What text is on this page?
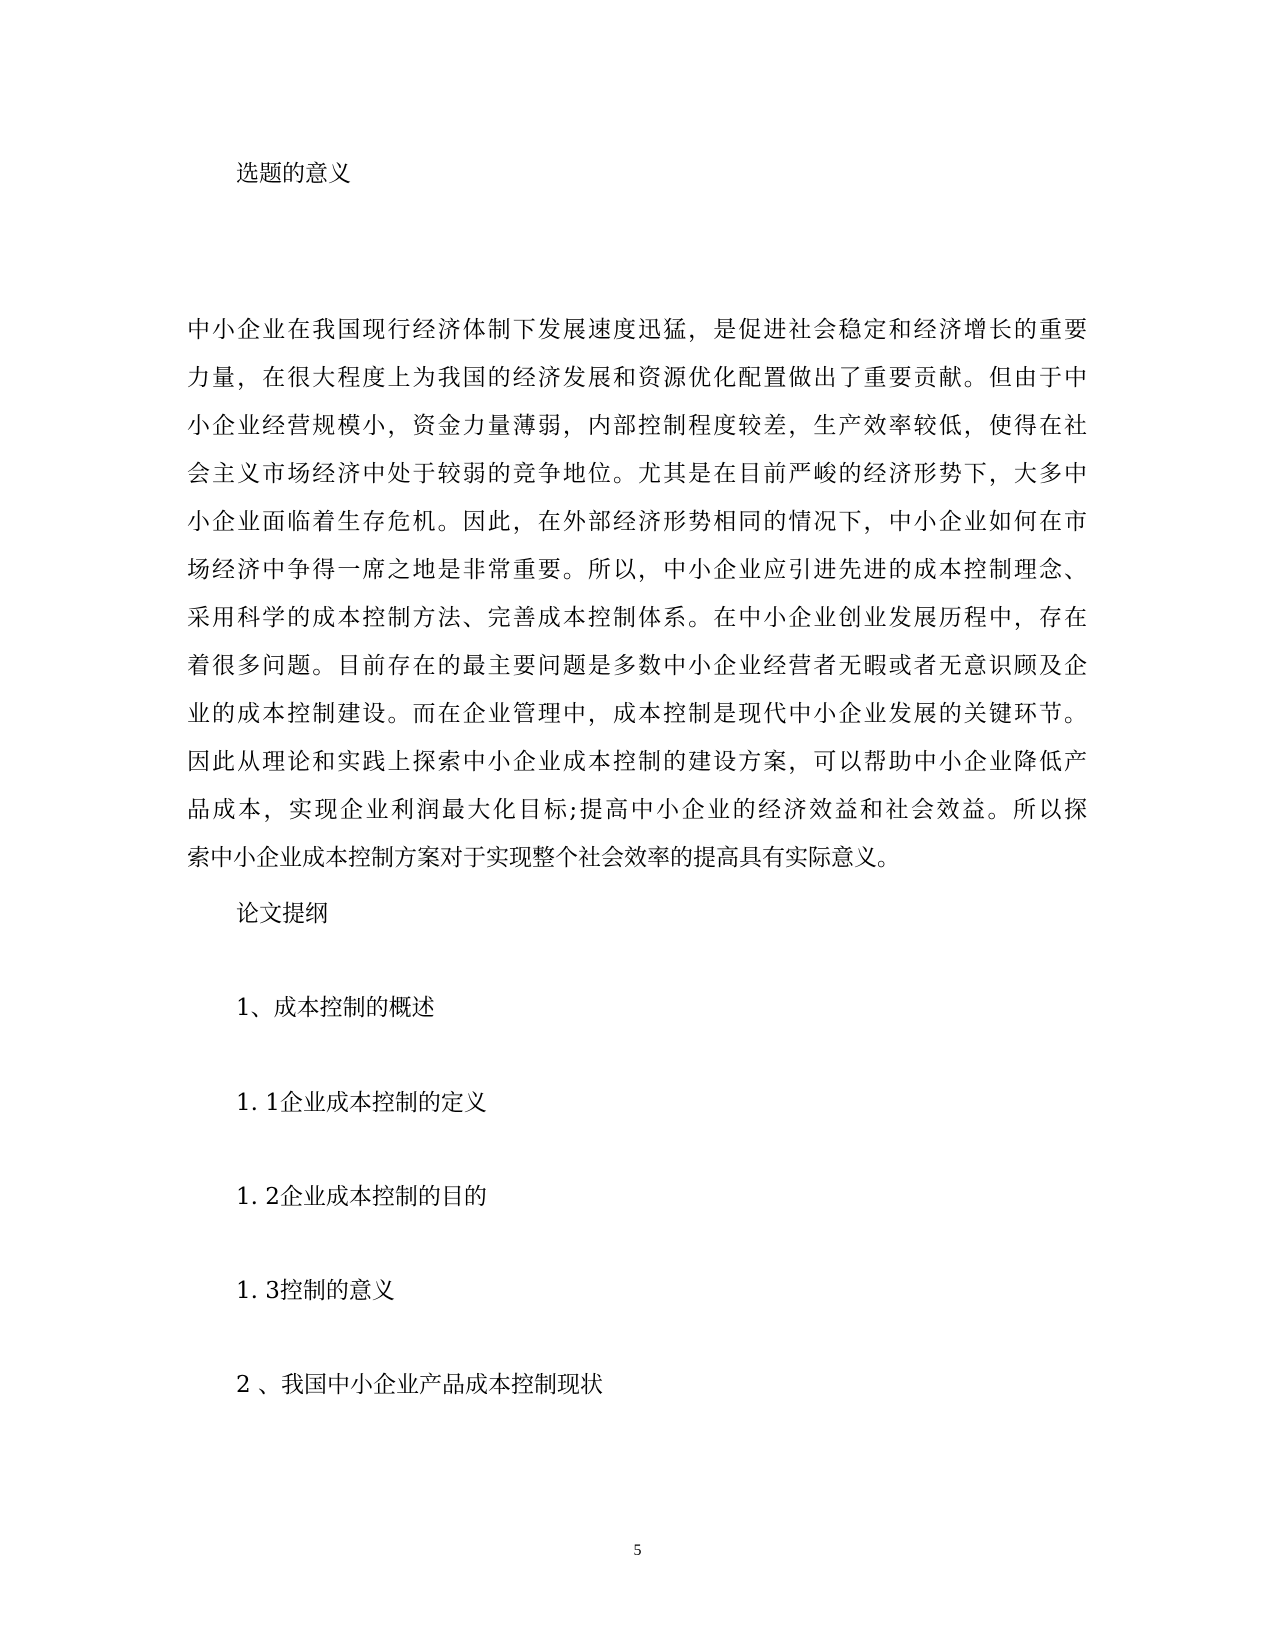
选题的意义
中小企业在我国现行经济体制下发展速度迅猛，是促进社会稳定和经济增长的重要
力量，在很大程度上为我国的经济发展和资源优化配置做出了重要贡献。但由于中
小企业经营规模小，资金力量薄弱，内部控制程度较差，生产效率较低，使得在社
会主义市场经济中处于较弱的竞争地位。尤其是在目前严峻的经济形势下，大多中
小企业面临着生存危机。因此，在外部经济形势相同的情况下，中小企业如何在市
场经济中争得一席之地是非常重要。所以，中小企业应引进先进的成本控制理念、
采用科学的成本控制方法、完善成本控制体系。在中小企业创业发展历程中，存在
着很多问题。目前存在的最主要问题是多数中小企业经营者无暇或者无意识顾及企
业的成本控制建设。而在企业管理中，成本控制是现代中小企业发展的关键环节。
因此从理论和实践上探索中小企业成本控制的建设方案，可以帮助中小企业降低产
品成本，实现企业利润最大化目标;提高中小企业的经济效益和社会效益。所以探
索中小企业成本控制方案对于实现整个社会效率的提高具有实际意义。
论文提纲
1、成本控制的概述
1. 1企业成本控制的定义
1. 2企业成本控制的目的
1. 3控制的意义
2 、我国中小企业产品成本控制现状
5
